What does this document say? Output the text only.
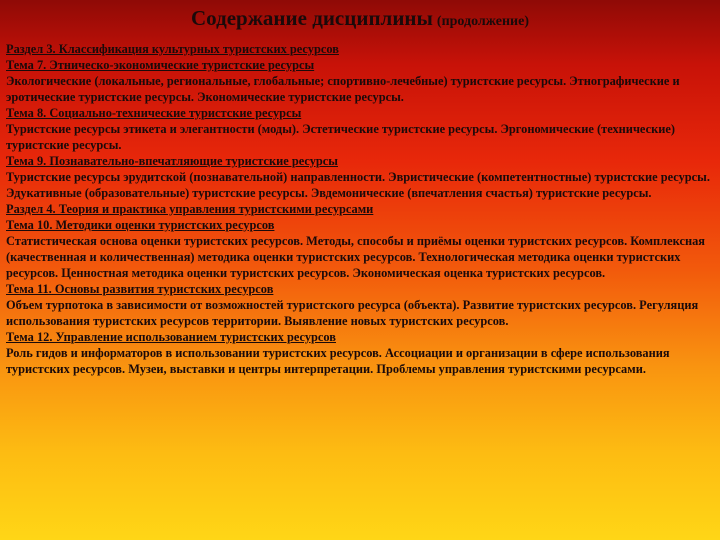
Содержание дисциплины (продолжение)

Раздел 3. Классификация культурных туристских ресурсов

Тема 7. Этническо-экономические туристские ресурсы

Экологические (локальные, региональные, глобальные; спортивно-лечебные) туристские ресурсы. Этнографические и эротические туристские ресурсы. Экономические туристские ресурсы.

Тема 8. Социально-технические туристские ресурсы

Туристские ресурсы этикета и элегантности (моды). Эстетические туристские ресурсы. Эргономические (технические) туристские ресурсы.

Тема 9. Познавательно-впечатляющие туристские ресурсы

Туристские ресурсы эрудитской (познавательной) направленности. Эвристические (компетентностные) туристские ресурсы. Эдукативные (образовательные) туристские ресурсы. Эвдемонические (впечатления счастья) туристские ресурсы.

Раздел 4. Теория и практика управления туристскими ресурсами

Тема 10. Методики оценки туристских ресурсов

Статистическая основа оценки туристских ресурсов. Методы, способы и приёмы оценки туристских ресурсов. Комплексная (качественная и количественная) методика оценки туристских ресурсов. Технологическая методика оценки туристских ресурсов. Ценностная методика оценки туристских ресурсов. Экономическая оценка туристских ресурсов.

Тема 11. Основы развития туристских ресурсов

Объем турпотока в зависимости от возможностей туристского ресурса (объекта). Развитие туристских ресурсов. Регуляция использования туристских ресурсов территории. Выявление новых туристских ресурсов.

Тема 12. Управление использованием туристских ресурсов

Роль гидов и информаторов в использовании туристских ресурсов. Ассоциации и организации в сфере использования туристских ресурсов. Музеи, выставки и центры интерпретации. Проблемы управления туристскими ресурсами.
